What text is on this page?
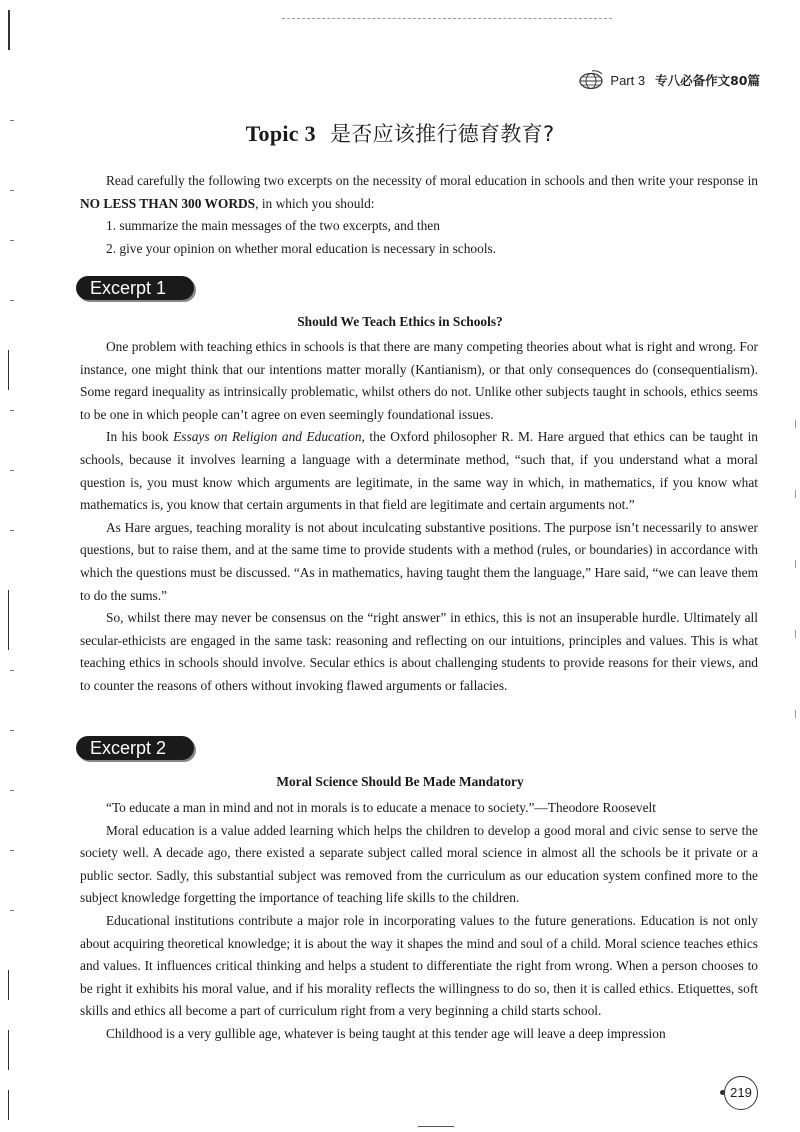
Part 3 专八必备作文80篇
Topic 3 是否应该推行德育教育?

Read carefully the following two excerpts on the necessity of moral education in schools and then write your response in NO LESS THAN 300 WORDS, in which you should:

1. summarize the main messages of the two excerpts, and then
2. give your opinion on whether moral education is necessary in schools.
Excerpt 1
Should We Teach Ethics in Schools?

One problem with teaching ethics in schools is that there are many competing theories about what is right and wrong. For instance, one might think that our intentions matter morally (Kantianism), or that only consequences do (consequentialism). Some regard inequality as intrinsically problematic, whilst others do not. Unlike other subjects taught in schools, ethics seems to be one in which people can’t agree on even seemingly foundational issues.

In his book Essays on Religion and Education, the Oxford philosopher R. M. Hare argued that ethics can be taught in schools, because it involves learning a language with a determinate method, “such that, if you understand what a moral question is, you must know which arguments are legitimate, in the same way in which, in mathematics, if you know what mathematics is, you know that certain arguments in that field are legitimate and certain arguments not.”

As Hare argues, teaching morality is not about inculcating substantive positions. The purpose isn’t necessarily to answer questions, but to raise them, and at the same time to provide students with a method (rules, or boundaries) in accordance with which the questions must be discussed. “As in mathematics, having taught them the language,” Hare said, “we can leave them to do the sums.”

So, whilst there may never be consensus on the “right answer” in ethics, this is not an insuperable hurdle. Ultimately all secular-ethicists are engaged in the same task: reasoning and reflecting on our intuitions, principles and values. This is what teaching ethics in schools should involve. Secular ethics is about challenging students to provide reasons for their views, and to counter the reasons of others without invoking flawed arguments or fallacies.

Excerpt 2
Moral Science Should Be Made Mandatory

“To educate a man in mind and not in morals is to educate a menace to society.”—Theodore Roosevelt

Moral education is a value added learning which helps the children to develop a good moral and civic sense to serve the society well. A decade ago, there existed a separate subject called moral science in almost all the schools be it private or a public sector. Sadly, this substantial subject was removed from the curriculum as our education system confined more to the subject knowledge forgetting the importance of teaching life skills to the children.

Educational institutions contribute a major role in incorporating values to the future generations. Education is not only about acquiring theoretical knowledge; it is about the way it shapes the mind and soul of a child. Moral science teaches ethics and values. It influences critical thinking and helps a student to differentiate the right from wrong. When a person chooses to be right it exhibits his moral value, and if his morality reflects the willingness to do so, then it is called ethics. Etiquettes, soft skills and ethics all become a part of curriculum right from a very beginning a child starts school.

Childhood is a very gullible age, whatever is being taught at this tender age will leave a deep impression

219
